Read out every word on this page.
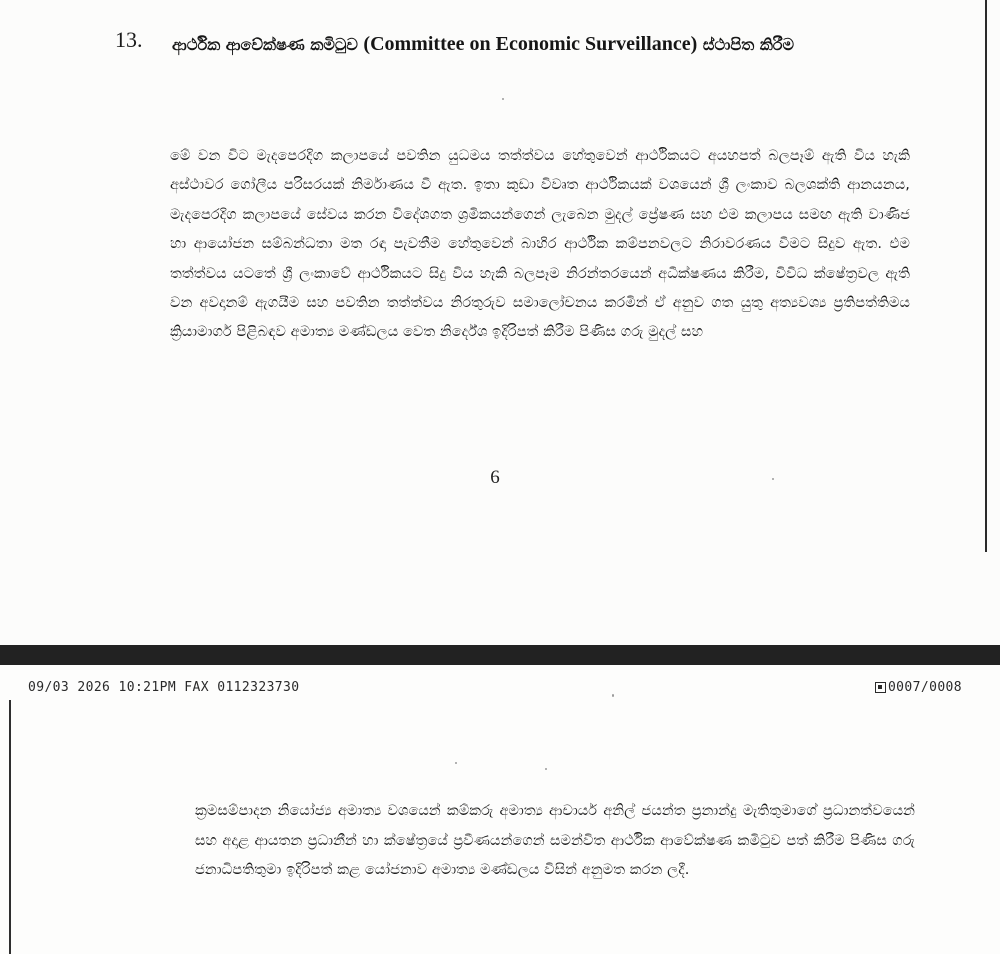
13. ආර්ථික ආවේක්ෂණ කමිටුව (Committee on Economic Surveillance) ස්ථාපිත කිරීම
මේ වන විට මැදපෙරදිග කලාපයේ පවතින යුධමය තත්ත්වය හේතුවෙන් ආර්ථිකයට අයහපත් බලපෑම් ඇති විය හැකි අස්ථාවර ගෝලීය පරිසරයක් නිර්මාණය වී ඇත. ඉතා කුඩා විවෘත ආර්ථිකයක් වශයෙන් ශ්‍රී ලංකාව බලශක්ති ආනයනය, මැදපෙරදිග කලාපයේ සේවය කරන විදේශගත ශ්‍රමිකයන්ගෙන් ලැබෙන මුදල් ප්‍රේෂණ සහ එම කලාපය සමඟ ඇති වාණිජ හා ආයෝජන සම්බන්ධතා මත රඳා පැවතීම හේතුවෙන් බාහිර ආර්ථික කම්පනවලට නිරාවරණය වීමට සිදුව ඇත. එම තත්ත්වය යටතේ ශ්‍රී ලංකාවේ ආර්ථිකයට සිදු විය හැකි බලපෑම නිරන්තරයෙන් අධීක්ෂණය කිරීම, විවිධ ක්ෂේත්‍රවල ඇති වන අවදානම් ඇගයීම සහ පවතින තත්ත්වය නිරතුරුව සමාලෝචනය කරමින් ඒ අනුව ගත යුතු අත්‍යවශ්‍ය ප්‍රතිපත්තිමය ක්‍රියාමාර්ග පිළිබඳව අමාත්‍ය මණ්ඩලය වෙත නිර්දේශ ඉදිරිපත් කිරීම පිණිස ගරු මුදල් සහ
6
09/03 2026 10:21PM FAX 0112323730	0007/0008
ක්‍රමසම්පාදන නියෝජ්‍ය අමාත්‍ය වශයෙන් කම්කරු අමාත්‍ය ආචාර්ය අනිල් ජයන්ත ප්‍රනාන්දු මැතිතුමාගේ ප්‍රධානත්වයෙන් සහ අදාළ ආයතන ප්‍රධානීන් හා ක්ෂේත්‍රයේ ප්‍රවීණයන්ගෙන් සමන්විත ආර්ථික ආවේක්ෂණ කමිටුව පත් කිරීම පිණිස ගරු ජනාධිපතිතුමා ඉදිරිපත් කළ යෝජනාව අමාත්‍ය මණ්ඩලය විසින් අනුමත කරන ලදී.
